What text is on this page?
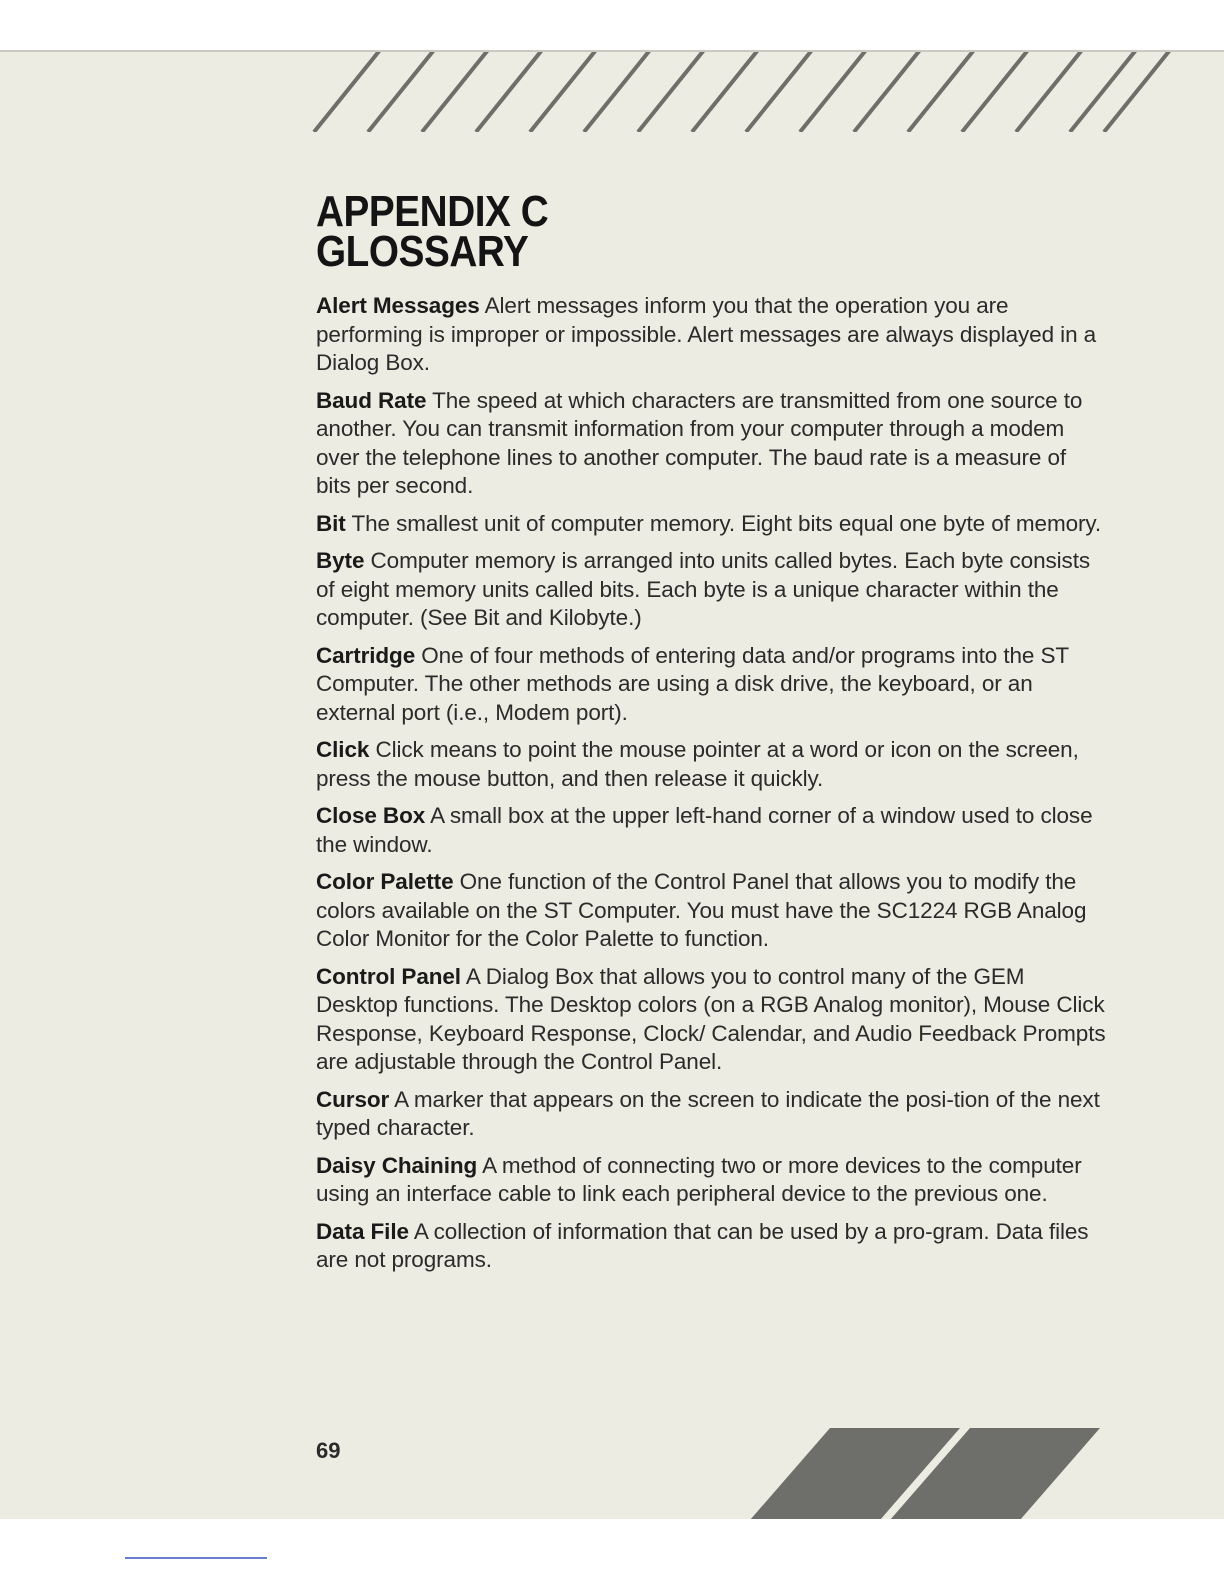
APPENDIX C
GLOSSARY

Alert Messages Alert messages inform you that the operation you are performing is improper or impossible. Alert messages are always displayed in a Dialog Box.

Baud Rate The speed at which characters are transmitted from one source to another. You can transmit information from your computer through a modem over the telephone lines to another computer. The baud rate is a measure of bits per second.

Bit The smallest unit of computer memory. Eight bits equal one byte of memory.

Byte Computer memory is arranged into units called bytes. Each byte consists of eight memory units called bits. Each byte is a unique character within the computer. (See Bit and Kilobyte.)

Cartridge One of four methods of entering data and/or programs into the ST Computer. The other methods are using a disk drive, the keyboard, or an external port (i.e., Modem port).

Click Click means to point the mouse pointer at a word or icon on the screen, press the mouse button, and then release it quickly.

Close Box A small box at the upper left-hand corner of a window used to close the window.

Color Palette One function of the Control Panel that allows you to modify the colors available on the ST Computer. You must have the SC1224 RGB Analog Color Monitor for the Color Palette to function.

Control Panel A Dialog Box that allows you to control many of the GEM Desktop functions. The Desktop colors (on a RGB Analog monitor), Mouse Click Response, Keyboard Response, Clock/ Calendar, and Audio Feedback Prompts are adjustable through the Control Panel.

Cursor A marker that appears on the screen to indicate the posi-tion of the next typed character.

Daisy Chaining A method of connecting two or more devices to the computer using an interface cable to link each peripheral device to the previous one.

Data File A collection of information that can be used by a pro-gram. Data files are not programs.

69
